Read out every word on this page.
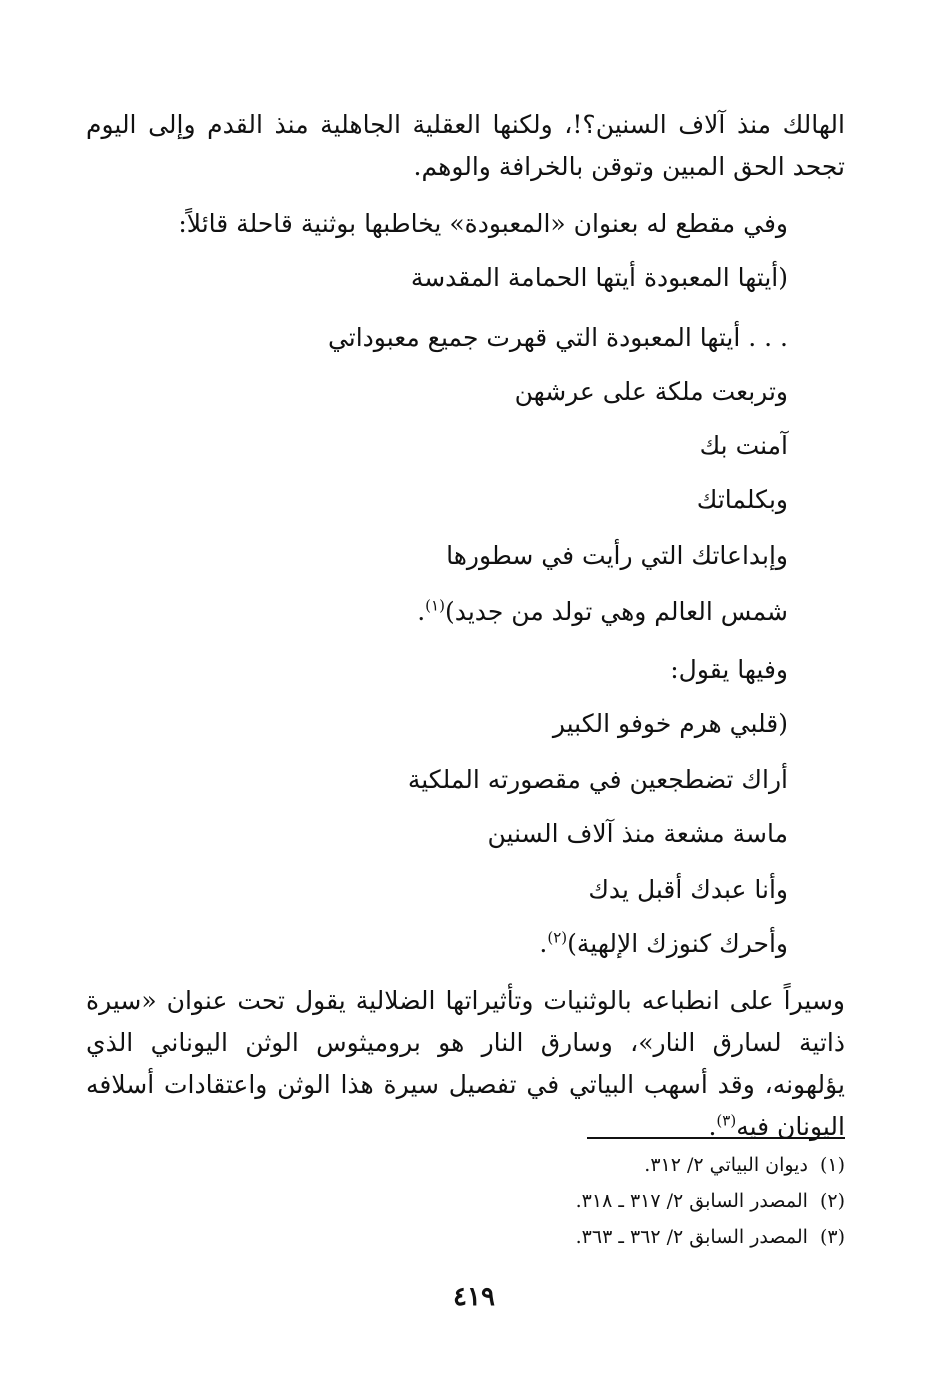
الهالك منذ آلاف السنين؟!، ولكنها العقلية الجاهلية منذ القدم وإلى اليوم تجحد الحق المبين وتوقن بالخرافة والوهم.

وفي مقطع له بعنوان «المعبودة» يخاطبها بوثنية قاحلة قائلاً:

(أيتها المعبودة أيتها الحمامة المقدسة

. . . أيتها المعبودة التي قهرت جميع معبوداتي

وتربعت ملكة على عرشهن

آمنت بك

وبكلماتك

وإبداعاتك التي رأيت في سطورها

شمس العالم وهي تولد من جديد)$^{(١)}$.

وفيها يقول:

(قلبي هرم خوفو الكبير

أراك تضطجعين في مقصورته الملكية

ماسة مشعة منذ آلاف السنين

وأنا عبدك أقبل يدك

وأحرك كنوزك الإلهية)$^{(٢)}$.

وسيراً على انطباعه بالوثنيات وتأثيراتها الضلالية يقول تحت عنوان «سيرة ذاتية لسارق النار»، وسارق النار هو بروميثوس الوثن اليوناني الذي يؤلهونه، وقد أسهب البياتي في تفصيل سيرة هذا الوثن واعتقادات أسلافه اليونان فيه$^{(٣)}$.

(١)ديوان البياتي ٢/ ٣١٢.

(٢)المصدر السابق ٢/ ٣١٧ ـ ٣١٨.

(٣)المصدر السابق ٢/ ٣٦٢ ـ ٣٦٣.

٤١٩
